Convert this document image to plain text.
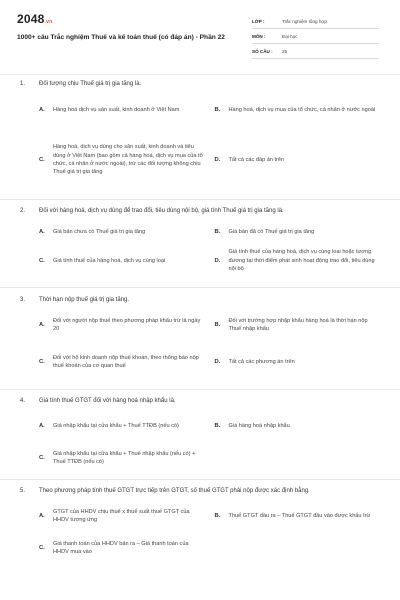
2048.vn
1000+ câu Trắc nghiệm Thuế và kế toán thuế (có đáp án) - Phần 22
LỚP :	Trắc nghiệm tổng hợp
MÔN :	Đại học
SỐ CÂU :	25
1. Đối tượng chịu Thuế giá trị gia tăng là.
A.	Hàng hoá dịch vụ sản xuất, kinh doanh ở Việt Nam	B.	Hàng hoá, dịch vụ mua của tổ chức, cá nhân ở nước ngoài
C.
Hàng hoá, dịch vụ dùng cho sản xuất, kinh doanh và tiêu dùng ở Việt Nam (bao gồm cả hàng hoá, dịch vụ mua của tổ chức, cá nhân ở nước ngoài), trừ các đối tượng không chịu Thuế giá trị gia tăng
D.	Tất cả các đáp án trên
2. Đối với hàng hoá, dịch vụ dùng để trao đổi, tiêu dùng nội bộ, giá tính Thuế giá trị gia tăng là.
A.	Giá bán chưa có Thuế giá trị gia tăng	B.	Giá bán đã có Thuế giá trị gia tăng
C.	Giá tính thuế của hàng hoá, dịch vụ cùng loại	D.
Giá tính thuế của hàng hoá, dịch vụ cùng loại hoặc tương đương tại thời điểm phát sinh hoạt động trao đổi, tiêu dùng nội bộ
3. Thời hạn nộp thuế giá trị gia tăng.
A.
Đối với người nộp thuế theo phương pháp khấu trừ là ngày 20
B.
Đối với trường hợp nhập khẩu hàng hoá là thời hạn nộp Thuế nhập khẩu
C.
Đối với hộ kinh doanh nộp thuế khoán, theo thông báo nộp thuế khoán của cơ quan thuế
D.	Tất cả các phương án trên
4. Giá tính thuế GTGT đối với hàng hoá nhập khẩu là.
A.	Giá nhập khẩu tại cửa khẩu + Thuế TTĐB (nếu có)	B.	Giá hàng hoá nhập khẩu
C.
Giá nhập khẩu tại cửa khẩu + Thuế nhập khẩu (nếu có) + Thuế TTĐB (nếu có)
5. Theo phương pháp tính thuế GTGT trực tiếp trên GTGT, số thuế GTGT phải nộp được xác định bằng.
A.
GTGT của HHDV chịu thuế x thuế suất thuế GTGT của HHDV tương ứng
B.	Thuế GTGT đầu ra – Thuế GTGT đầu vào được khấu trừ
C.
Giá thanh toán của HHDV bán ra – Giá thanh toán của HHDV mua vào
